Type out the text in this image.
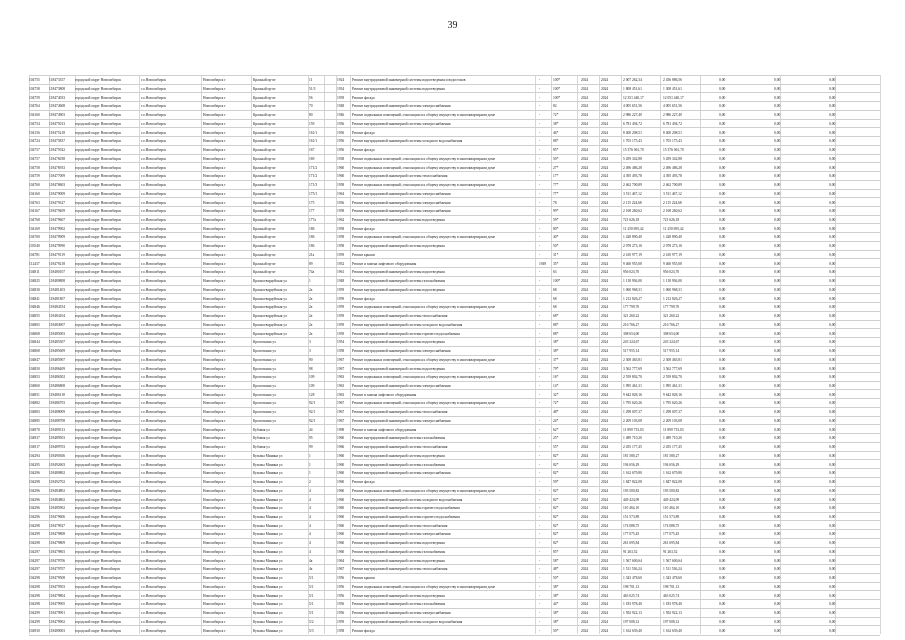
39
104755	118473357	городской округ Новосибирск	г.о.Новосибирск	Новосибирск г	Красный пр-кт	11	1924	Ремонт внутридомовой инженерной системы водоотведения и водостоков	-	100*	2024	2024	2 007 262,34	2 456 886,56	0,00	0,00	0,00
104758	118473808	городской округ Новосибирск	г.о.Новосибирск	Новосибирск г	Красный пр-кт	51/3	1934	Ремонт внутридомовой инженерной системы водоотведения	-	100*	2024	2024	1 808 451,61	1 308 451,61	0,00	0,00	0,00
104759	118474033	городской округ Новосибирск	г.о.Новосибирск	Новосибирск г	Красный пр-кт	56	1939	Ремонт фасада	-	100*	2024	2024	12 351 440,17	12 051 440,17	0,00	0,00	0,00
104764	118474608	городской округ Новосибирск	г.о.Новосибирск	Новосибирск г	Красный пр-кт	70	1948	Ремонт внутридомовой инженерной системы электроснабжения	-	82	2024	2024	4 005 651,56	4 005 651,56	0,00	0,00	0,00
104160	118474903	городской округ Новосибирск	г.о.Новосибирск	Новосибирск г	Красный пр-кт	80	1946	Ремонт подвальных помещений, относящихся к общему имуществу в многоквартирном доме	-	72*	2024	2024	2 986 227,40	2 986 227,40	0,00	0,00	0,00
104754	118475013	городской округ Новосибирск	г.о.Новосибирск	Новосибирск г	Красный пр-кт	159	1936	Ремонт внутридомовой инженерной системы электроснабжения	-	38*	2024	2024	6 781 494,72	6 781 494,72	0,00	0,00	0,00
104156	118475218	городской округ Новосибирск	г.о.Новосибирск	Новосибирск г	Красный пр-кт	161/1	1956	Ремонт фасада	-	46*	2024	2024	8 400 208,51	8 400 208,51	0,00	0,00	0,00
104724	118475837	городской округ Новосибирск	г.о.Новосибирск	Новосибирск г	Красный пр-кт	161/1	1956	Ремонт внутридомовой инженерной системы холодного водоснабжения	-	88*	2024	2024	1 703 175,43	1 703 175,43	0,00	0,00	0,00
104757	118475922	городской округ Новосибирск	г.о.Новосибирск	Новосибирск г	Красный пр-кт	167	1956	Ремонт фасада	-	85*	2024	2024	15 376 061,70	15 376 061,70	0,00	0,00	0,00
104757	118476038	городской округ Новосибирск	г.о.Новосибирск	Новосибирск г	Красный пр-кт	169	1938	Ремонт подвальных помещений, относящихся к общему имуществу в многоквартирном доме	-	50*	2024	2024	5 459 342,88	5 459 342,88	0,00	0,00	0,00
104758	118476933	городской округ Новосибирск	г.о.Новосибирск	Новосибирск г	Красный пр-кт	171/2	1960	Ремонт подвальных помещений, относящихся к общему имуществу в многоквартирном доме	-	27*	2024	2024	2 496 486,28	2 496 486,28	0,00	0,00	0,00
104759	118477009	городской округ Новосибирск	г.о.Новосибирск	Новосибирск г	Красный пр-кт	171/2	1960	Ремонт внутридомовой инженерной системы теплоснабжения	-	17*	2024	2024	4 395 493,78	4 395 493,78	0,00	0,00	0,00
104760	118478603	городской округ Новосибирск	г.о.Новосибирск	Новосибирск г	Красный пр-кт	171/3	1958	Ремонт подвальных помещений, относящихся к общему имуществу в многоквартирном доме	-	77*	2024	2024	2 462 700,89	2 462 700,89	0,00	0,00	0,00
104160	118479009	городской округ Новосибирск	г.о.Новосибирск	Новосибирск г	Красный пр-кт	175/1	1964	Ремонт внутридомовой инженерной системы электроснабжения	-	77*	2024	2024	3 511 467,12	3 511 467,12	0,00	0,00	0,00
104763	118479327	городской округ Новосибирск	г.о.Новосибирск	Новосибирск г	Красный пр-кт	175	1936	Ремонт внутридомовой инженерной системы электроснабжения	-	78	2024	2024	2 115 224,68	2 115 224,68	0,00	0,00	0,00
104167	118479409	городской округ Новосибирск	г.о.Новосибирск	Новосибирск г	Красный пр-кт	177	1958	Ремонт внутридомовой инженерной системы электроснабжения	-	99*	2024	2024	2 168 260,62	2 168 260,62	0,00	0,00	0,00
104768	118479607	городской округ Новосибирск	г.о.Новосибирск	Новосибирск г	Красный пр-кт	177а	1962	Ремонт внутридомовой инженерной системы водоотведения	-	59*	2024	2024	721 626,18	721 626,18	0,00	0,00	0,00
104169	118479902	городской округ Новосибирск	г.о.Новосибирск	Новосибирск г	Красный пр-кт	186	1958	Ремонт фасада	-	80*	2024	2024	11 250 695,42	11 250 695,42	0,00	0,00	0,00
104700	118479909	городской округ Новосибирск	г.о.Новосибирск	Новосибирск г	Красный пр-кт	186	1958	Ремонт подвальных помещений, относящихся к общему имуществу в многоквартирном доме	-	40*	2024	2024	1 428 890,40	1 428 890,40	0,00	0,00	0,00
103540	118479990	городской округ Новосибирск	г.о.Новосибирск	Новосибирск г	Красный пр-кт	186	1958	Ремонт внутридомовой инженерной системы водоотведения	-	50*	2024	2024	2 078 273,16	2 078 273,16	0,00	0,00	0,00
104781	118479119	городской округ Новосибирск	г.о.Новосибирск	Новосибирск г	Красный пр-кт	21а	1959	Ремонт крыши	-	31*	2024	2024	2 410 977,19	2 410 977,19	0,00	0,00	0,00
112437	118479218	городской округ Новосибирск	г.о.Новосибирск	Новосибирск г	Красный пр-кт	89	1952	Ремонт и замена лифтового оборудования	1949	35*	2024	2024	9 460 955,08	9 460 955,08	0,00	0,00	0,00
104811	118480107	городской округ Новосибирск	г.о.Новосибирск	Новосибирск г	Красный пр-кт	74а	1961	Ремонт внутридомовой инженерной системы водоотведения	-	63	2024	2024	956 023,70	956 023,70	0,00	0,00	0,00
104825	118480808	городской округ Новосибирск	г.о.Новосибирск	Новосибирск г	Красногвардейская ул	1	1948	Ремонт внутридомовой инженерной системы газоснабжения	-	100*	2024	2024	1 118 936,00	1 118 936,00	0,00	0,00	0,00
104830	118481403	городской округ Новосибирск	г.о.Новосибирск	Новосибирск г	Красногвардейская ул	2а	1959	Ремонт внутридомовой инженерной системы водоотведения	-	68	2024	2024	1 060 968,31	1 060 968,31	0,00	0,00	0,00
104841	118481807	городской округ Новосибирск	г.о.Новосибирск	Новосибирск г	Красногвардейская ул	2а	1959	Ремонт фасада	-	68	2024	2024	1 212 826,27	1 212 826,27	0,00	0,00	0,00
104846	118484554	городской округ Новосибирск	г.о.Новосибирск	Новосибирск г	Красногвардейская ул	2а	1959	Ремонт подвальных помещений, относящихся к общему имуществу в многоквартирном доме	-	68	2024	2024	177 799,70	177 799,70	0,00	0,00	0,00
104855	118484104	городской округ Новосибирск	г.о.Новосибирск	Новосибирск г	Красногвардейская ул	2а	1959	Ремонт внутридомовой инженерной системы теплоснабжения	-	68*	2024	2024	321 260,22	321 260,22	0,00	0,00	0,00
104865	118484907	городской округ Новосибирск	г.о.Новосибирск	Новосибирск г	Красногвардейская ул	2а	1959	Ремонт внутридомовой инженерной системы холодного водоснабжения	-	88*	2024	2024	216 766,27	216 766,27	0,00	0,00	0,00
104868	118485003	городской округ Новосибирск	г.о.Новосибирск	Новосибирск г	Красногвардейская ул	2а	1959	Ремонт внутридомовой инженерной системы горячего водоснабжения	-	88*	2024	2024	308 654,00	308 654,00	0,00	0,00	0,00
104844	118485307	городской округ Новосибирск	г.о.Новосибирск	Новосибирск г	Кропоткина ул	3	1954	Ремонт внутридомовой инженерной системы водоотведения	-	38*	2024	2024	243 324,67	243 324,67	0,00	0,00	0,00
104868	118485609	городской округ Новосибирск	г.о.Новосибирск	Новосибирск г	Кропоткина ул	3	1958	Ремонт внутридомовой инженерной системы электроснабжения	-	38*	2024	2024	517 955,14	517 955,14	0,00	0,00	0,00
104847	118485907	городской округ Новосибирск	г.о.Новосибирск	Новосибирск г	Кропоткина ул	90	1967	Ремонт подвальных помещений, относящихся к общему имуществу в многоквартирном доме	-	37*	2024	2024	2 308 465,81	2 308 465,81	0,00	0,00	0,00
104850	118486409	городской округ Новосибирск	г.о.Новосибирск	Новосибирск г	Кропоткина ул	98	1967	Ремонт внутридомовой инженерной системы водоотведения	-	79*	2024	2024	3 562 777,69	3 562 777,69	0,00	0,00	0,00
104853	118486502	городской округ Новосибирск	г.о.Новосибирск	Новосибирск г	Кропоткина ул	109	1963	Ремонт подвальных помещений, относящихся к общему имуществу в многоквартирном доме	-	16*	2024	2024	2 559 802,70	2 559 802,70	0,00	0,00	0,00
104860	118486808	городской округ Новосибирск	г.о.Новосибирск	Новосибирск г	Кропоткина ул	109	1963	Ремонт внутридомовой инженерной системы электроснабжения	-	14*	2024	2024	1 995 461,31	1 995 461,31	0,00	0,00	0,00
104851	118486118	городской округ Новосибирск	г.о.Новосибирск	Новосибирск г	Кропоткина ул	128	1963	Ремонт и замена лифтового оборудования	-	32*	2024	2024	9 642 828,16	9 642 828,16	0,00	0,00	0,00
104882	118486703	городской округ Новосибирск	г.о.Новосибирск	Новосибирск г	Кропоткина ул	92/1	1967	Ремонт подвальных помещений, относящихся к общему имуществу в многоквартирном доме	-	72*	2024	2024	1 795 620,26	1 795 620,26	0,00	0,00	0,00
104883	118488009	городской округ Новосибирск	г.о.Новосибирск	Новосибирск г	Кропоткина ул	92/1	1967	Ремонт внутридомовой инженерной системы теплоснабжения	-	48*	2024	2024	1 298 007,37	1 298 007,37	0,00	0,00	0,00
104885	118488708	городской округ Новосибирск	г.о.Новосибирск	Новосибирск г	Кропоткина ул	92/1	1967	Ремонт внутридомовой инженерной системы электроснабжения	-	24*	2024	2024	2 209 103,08	2 209 103,08	0,00	0,00	0,00
104970	118489313	городской округ Новосибирск	г.о.Новосибирск	Новосибирск г	Кубовая ул	44	1998	Ремонт и замена лифтового оборудования	-	62*	2024	2024	11 890 733,03	11 890 733,03	0,00	0,00	0,00
104937	118489503	городской округ Новосибирск	г.о.Новосибирск	Новосибирск г	Кубовая ул	95	1960	Ремонт внутридомовой инженерной системы газоснабжения	-	25*	2024	2024	1 489 710,20	1 489 710,20	0,00	0,00	0,00
104917	118489703	городской округ Новосибирск	г.о.Новосибирск	Новосибирск г	Кубовая ул	99	1966	Ремонт внутридомовой инженерной системы теплоснабжения	-	55*	2024	2024	2 455 177,45	2 455 177,45	0,00	0,00	0,00
104294	118490306	городской округ Новосибирск	г.о.Новосибирск	Новосибирск г	Кузьмы Минина ул	1	1960	Ремонт внутридомовой инженерной системы водоотведения	-	82*	2024	2024	181 580,27	181 580,27	0,00	0,00	0,00
104295	118492603	городской округ Новосибирск	г.о.Новосибирск	Новосибирск г	Кузьмы Минина ул	1	1960	Ремонт внутридомовой инженерной системы газоснабжения	-	82*	2024	2024	194 656,29	194 656,29	0,00	0,00	0,00
104296	118480802	городской округ Новосибирск	г.о.Новосибирск	Новосибирск г	Кузьмы Минина ул	1	1960	Ремонт внутридомовой инженерной системы электроснабжения	-	82*	2024	2024	1 162 679,80	1 162 679,80	0,00	0,00	0,00
104298	118492702	городской округ Новосибирск	г.о.Новосибирск	Новосибирск г	Кузьмы Минина ул	2	1960	Ремонт фасада	-	59*	2024	2024	1 847 822,08	1 847 822,08	0,00	0,00	0,00
104296	118484802	городской округ Новосибирск	г.о.Новосибирск	Новосибирск г	Кузьмы Минина ул	4	1960	Ремонт подвальных помещений, относящихся к общему имуществу в многоквартирном доме	-	82*	2024	2024	193 500,82	193 500,82	0,00	0,00	0,00
104296	118484802	городской округ Новосибирск	г.о.Новосибирск	Новосибирск г	Кузьмы Минина ул	4	1960	Ремонт внутридомовой инженерной системы холодного водоснабжения	-	82*	2024	2024	449 424,09	449 424,09	0,00	0,00	0,00
104296	118485902	городской округ Новосибирск	г.о.Новосибирск	Новосибирск г	Кузьмы Минина ул	4	1960	Ремонт внутридомовой инженерной системы горячего водоснабжения	-	82*	2024	2024	110 464,10	110 464,10	0,00	0,00	0,00
104296	118479606	городской округ Новосибирск	г.о.Новосибирск	Новосибирск г	Кузьмы Минина ул	4	1960	Ремонт внутридомовой инженерной системы горячего водоснабжения	-	82*	2024	2024	151 573,89	151 573,89	0,00	0,00	0,00
104298	118479927	городской округ Новосибирск	г.о.Новосибирск	Новосибирск г	Кузьмы Минина ул	4	1960	Ремонт внутридомовой инженерной системы теплоснабжения	-	82*	2024	2024	174 088,75	174 088,75	0,00	0,00	0,00
104299	118479808	городской округ Новосибирск	г.о.Новосибирск	Новосибирск г	Кузьмы Минина ул	4	1960	Ремонт внутридомовой инженерной системы электроснабжения	-	82*	2024	2024	177 075,45	177 075,45	0,00	0,00	0,00
104298	118479809	городской округ Новосибирск	г.о.Новосибирск	Новосибирск г	Кузьмы Минина ул	4	1960	Ремонт внутридомовой инженерной системы водоотведения	-	82*	2024	2024	261 695,84	261 695,84	0,00	0,00	0,00
104297	118479803	городской округ Новосибирск	г.о.Новосибирск	Новосибирск г	Кузьмы Минина ул	4	1960	Ремонт внутридомовой инженерной системы газоснабжения	-	85*	2024	2024	91 263,52	91 263,52	0,00	0,00	0,00
104297	118479706	городской округ Новосибирск	г.о.Новосибирск	Новосибирск г	Кузьмы Минина ул	4а	1964	Ремонт внутридомовой инженерной системы водоотведения	-	58*	2024	2024	1 567 600,64	1 567 600,64	0,00	0,00	0,00
104297	118479707	городской округ Новосibирск	г.о.Новосибирск	Новосибирск г	Кузьмы Минина ул	4а	1967	Ремонт внутридомовой инженерной системы теплоснабжения	-	48*	2024	2024	1 511 536,24	1 511 536,24	0,00	0,00	0,00
104298	118479508	городской округ Новосибирск	г.о.Новосибирск	Новосибирск г	Кузьмы Минина ул	5/1	1956	Ремонт крыши	-	50*	2024	2024	1 343 478,60	1 343 478,60	0,00	0,00	0,00
104298	118479503	городской округ Новосибирск	г.о.Новосибирск	Новосибирск г	Кузьмы Минина ул	5/1	1956	Ремонт подвальных помещений, относящихся к общему имуществу в многоквартирном доме	-	38*	2024	2024	198 701,13	198 701,13	0,00	0,00	0,00
104298	118479804	городской округ Новосибирск	г.о.Новосибирск	Новосибирск г	Кузьмы Минина ул	5/1	1956	Ремонт внутридомовой инженерной системы водоотведения	-	38*	2024	2024	463 025,74	463 025,74	0,00	0,00	0,00
104298	118479905	городской округ Новосибирск	г.о.Новосибирск	Новосибирск г	Кузьмы Минина ул	5/1	1956	Ремонт внутридомовой инженерной системы газоснабжения	-	44*	2024	2024	1 183 978,40	1 183 978,40	0,00	0,00	0,00
104299	118479901	городской округ Новосибирск	г.о.Новосибирск	Новосибирск г	Кузьмы Минина ул	5/1	1956	Ремонт внутридомовой инженерной системы электроснабжения	-	38*	2024	2024	1 592 922,13	1 592 922,13	0,00	0,00	0,00
104299	118479902	городской округ Новосибирск	г.о.Новосибирск	Новосибирск г	Кузьмы Минина ул	5/2	1959	Ремонт внутридомовой инженерной системы холодного водоснабжения	-	38*	2024	2024	197 008,12	197 008,12	0,00	0,00	0,00
104930	118480003	городской округ Новосибирск	г.о.Новосибирск	Новосибирск г	Кузьмы Минина ул	5/3	1958	Ремонт фасада	-	50*	2024	2024	1 162 639,40	1 162 639,40	0,00	0,00	0,00
